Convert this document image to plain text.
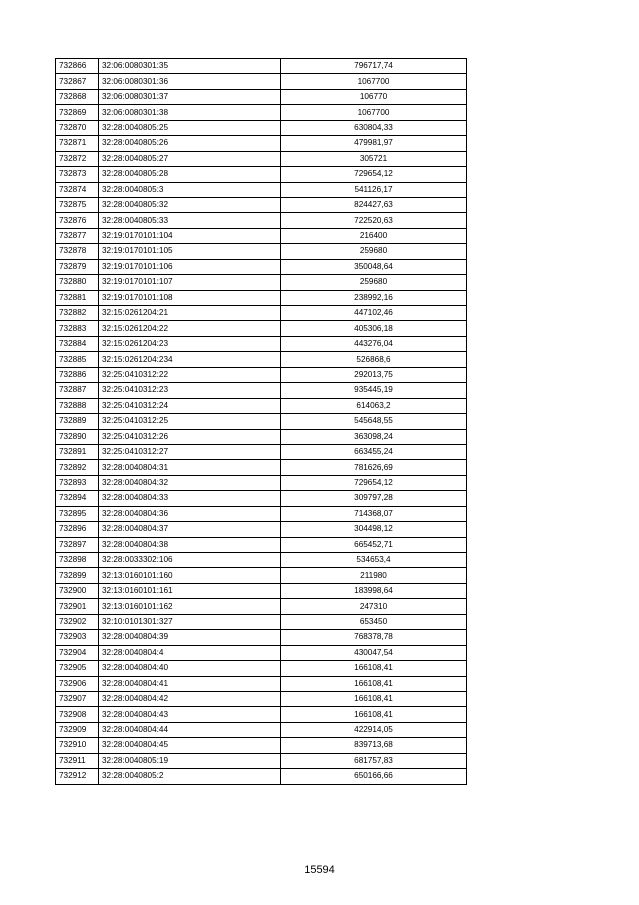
732866	32:06:0080301:35	796717,74
732867	32:06:0080301:36	1067700
732868	32:06:0080301:37	106770
732869	32:06:0080301:38	1067700
732870	32:28:0040805:25	630804,33
732871	32:28:0040805:26	479981,97
732872	32:28:0040805:27	305721
732873	32:28:0040805:28	729654,12
732874	32:28:0040805:3	541126,17
732875	32:28:0040805:32	824427,63
732876	32:28:0040805:33	722520,63
732877	32:19:0170101:104	216400
732878	32:19:0170101:105	259680
732879	32:19:0170101:106	350048,64
732880	32:19:0170101:107	259680
732881	32:19:0170101:108	238992,16
732882	32:15:0261204:21	447102,46
732883	32:15:0261204:22	405306,18
732884	32:15:0261204:23	443276,04
732885	32:15:0261204:234	526868,6
732886	32:25:0410312:22	292013,75
732887	32:25:0410312:23	935445,19
732888	32:25:0410312:24	614063,2
732889	32:25:0410312:25	545648,55
732890	32:25:0410312:26	363098,24
732891	32:25:0410312:27	663455,24
732892	32:28:0040804:31	781626,69
732893	32:28:0040804:32	729654,12
732894	32:28:0040804:33	309797,28
732895	32:28:0040804:36	714368,07
732896	32:28:0040804:37	304498,12
732897	32:28:0040804:38	665452,71
732898	32:28:0033302:106	534653,4
732899	32:13:0160101:160	211980
732900	32:13:0160101:161	183998,64
732901	32:13:0160101:162	247310
732902	32:10:0101301:327	653450
732903	32:28:0040804:39	768378,78
732904	32:28:0040804:4	430047,54
732905	32:28:0040804:40	166108,41
732906	32:28:0040804:41	166108,41
732907	32:28:0040804:42	166108,41
732908	32:28:0040804:43	166108,41
732909	32:28:0040804:44	422914,05
732910	32:28:0040804:45	839713,68
732911	32:28:0040805:19	681757,83
732912	32:28:0040805:2	650166,66
15594
